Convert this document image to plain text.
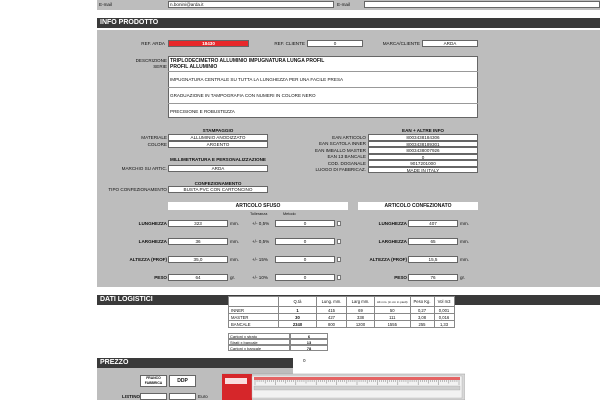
E-mail	n.bonini@arda.it	E-mail
INFO PRODOTTO
REF. ARDA	18430	REF. CLIENTE	0	MARCA/CLIENTE	ARDA
DESCRIZIONE
SERIE
TRIPLODECIMETRO ALLUMINIO IMPUGNATURA LUNGA PROFIL
PROFIL ALLUMINIO
IMPUGNATURA CENTRALE SU TUTTA LA LUNGHEZZA PER UNA FACILE PRESA
GRADUAZIONE IN TAMPOGRAFIA CON NUMERI IN COLORE NERO
PRECISIONE E ROBUSTEZZA
STAMPAGGIO
MATERIALE	ALLUMINIO ANODIZZATO
COLORE	ARGENTO
MILLIMETRATURA E PERSONALIZZAZIONE
MARCHIO SU ARTIC.	ARDA
CONFEZIONAMENTO
TIPO CONFEZIONAMENTO	BUSTA PVC CON CARTONCINO
EAN + ALTRE INFO
EAN ARTICOLO	8003438184306
EAN SCATOLA INNER	8003438189301
EAN IMBALLO MASTER	8003438007926
EAN 13 BANCALE	0
COD. DOGANALE	9017201000
LUOGO DI FABBRICAZ.	MADE IN ITALY
ARTICOLO SFUSO
Tolleranza	Metodo
LUNGHEZZA	323	mm.	+/- 0,5%	0
LARGHEZZA	36	mm.	+/- 0,5%	0
ALTEZZA (PROF)	35,0	mm.	+/- 15%	0
PESO	64	gr.	+/- 10%	0
ARTICOLO CONFEZIONATO
LUNGHEZZA	407	mm.
LARGHEZZA	65	mm.
ALTEZZA (PROF)	15,5	mm.
PESO	76	gr.
DATI LOGISTICI
		Q.tà	Lung. mm.	Larg mm.	Alt mm. (in cm in piedi)	Peso Kg.	Vol m3
INNER	1	415	69	50	0,27	0,001
MASTER	30	427	338	111	3,08	0,016
BANCALE	2340	800	1200	1555	255	1,33
Cartoni x strato	6
Strati x bancale	13
Cartoni x bancale	78
PREZZO
FRANCO FABBRICA	DDP
LISTINO	Euro
0
